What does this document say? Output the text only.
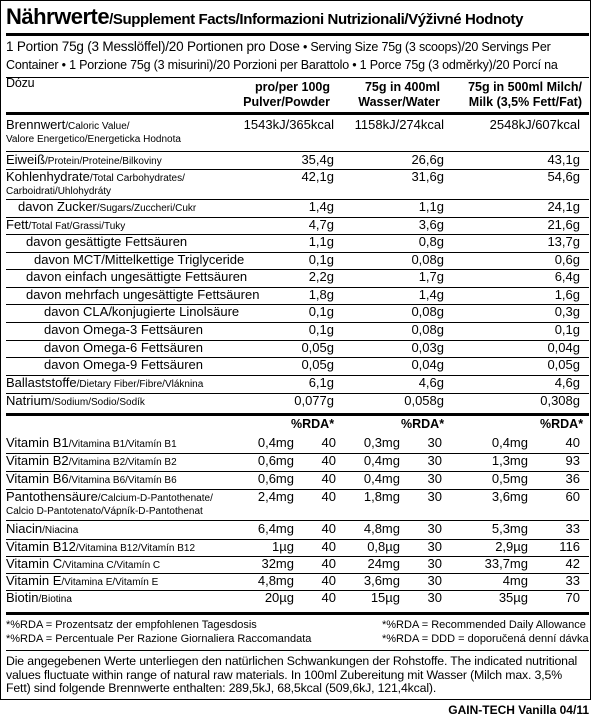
Nährwerte/Supplement Facts/Informazioni Nutrizionali/Výživné Hodnoty
1 Portion 75g (3 Messlöffel)/20 Portionen pro Dose • Serving Size 75g (3 scoops)/20 Servings Per Container • 1 Porzione 75g (3 misurini)/20 Porzioni per Barattolo • 1 Porce 75g (3 odměrky)/20 Porcí na Dózu	pro/per 100g
Pulver/Powder
75g in 400ml
Wasser/Water
75g in 500ml Milch/
Milk (3,5% Fett/Fat)
Brennwert/Caloric Value/
Valore Energetico/Energeticka Hodnota
1543kJ/365kcal	1158kJ/274kcal	2548kJ/607kcal
Eiweiß/Protein/Proteine/Bilkoviny	35,4g	26,6g	43,1g
Kohlenhydrate/Total Carbohydrates/
Carboidrati/Uhlohydráty
42,1g	31,6g	54,6g
davon Zucker/Sugars/Zuccheri/Cukr	1,4g	1,1g	24,1g
Fett/Total Fat/Grassi/Tuky	4,7g	3,6g	21,6g
davon gesättigte Fettsäuren	1,1g	0,8g	13,7g
davon MCT/Mittelkettige Triglyceride	0,1g	0,08g	0,6g
davon einfach ungesättigte Fettsäuren	2,2g	1,7g	6,4g
davon mehrfach ungesättigte Fettsäuren	1,8g	1,4g	1,6g
davon CLA/konjugierte Linolsäure	0,1g	0,08g	0,3g
davon Omega-3 Fettsäuren	0,1g	0,08g	0,1g
davon Omega-6 Fettsäuren	0,05g	0,03g	0,04g
davon Omega-9 Fettsäuren	0,05g	0,04g	0,05g
Ballaststoffe/Dietary Fiber/Fibre/Vláknina	6,1g	4,6g	4,6g
Natrium/Sodium/Sodio/Sodík	0,077g	0,058g	0,308g
%RDA*	%RDA*	%RDA*
Vitamin B1/Vitamina B1/Vitamín B1	0,4mg	40	0,3mg	30	0,4mg	40
Vitamin B2/Vitamina B2/Vitamín B2	0,6mg	40	0,4mg	30	1,3mg	93
Vitamin B6/Vitamina B6/Vitamín B6	0,6mg	40	0,4mg	30	0,5mg	36
Pantothensäure/Calcium-D-Pantothenate/
Calcio D-Pantotenato/Vápník-D-Pantothenat
2,4mg	40	1,8mg	30	3,6mg	60
Niacin/Niacina	6,4mg	40	4,8mg	30	5,3mg	33
Vitamin B12/Vitamina B12/Vitamín B12	1µg	40	0,8µg	30	2,9µg	116
Vitamin C/Vitamina C/Vitamín C	32mg	40	24mg	30	33,7mg	42
Vitamin E/Vitamina E/Vitamín E	4,8mg	40	3,6mg	30	4mg	33
Biotin/Biotina	20µg	40	15µg	30	35µg	70
*%RDA = Prozentsatz der empfohlenen Tagesdosis	*%RDA = Recommended Daily Allowance
*%RDA = Percentuale Per Razione Giornaliera Raccomandata	*%RDA = DDD = doporučená denní dávka
Die angegebenen Werte unterliegen den natürlichen Schwankungen der Rohstoffe. The indicated nutritional values fluctuate within range of natural raw materials. In 100ml Zubereitung mit Wasser (Milch max. 3,5% Fett) sind folgende Brennwerte enthalten: 289,5kJ, 68,5kcal (509,6kJ, 121,4kcal).
GAIN-TECH Vanilla 04/11
